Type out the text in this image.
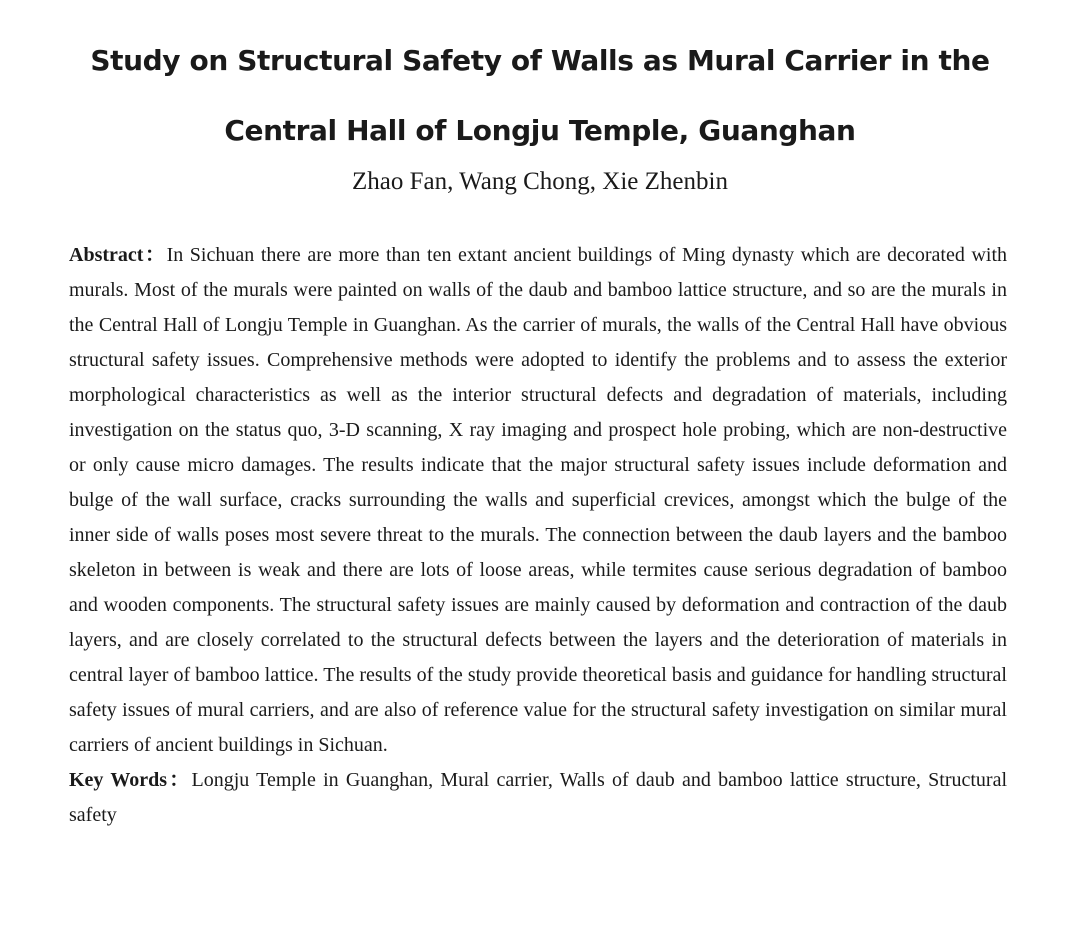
Study on Structural Safety of Walls as Mural Carrier in the
Central Hall of Longju Temple, Guanghan
Zhao Fan, Wang Chong, Xie Zhenbin

Abstract：In Sichuan there are more than ten extant ancient buildings of Ming dynasty which are decorated with murals. Most of the murals were painted on walls of the daub and bamboo lattice structure, and so are the murals in the Central Hall of Longju Temple in Guanghan. As the carrier of murals, the walls of the Central Hall have obvious structural safety issues. Comprehensive methods were adopted to identify the problems and to assess the exterior morphological characteristics as well as the interior structural defects and degradation of materials, including investigation on the status quo, 3-D scanning, X ray imaging and prospect hole probing, which are non-destructive or only cause micro damages. The results indicate that the major structural safety issues include deformation and bulge of the wall surface, cracks surrounding the walls and superficial crevices, amongst which the bulge of the inner side of walls poses most severe threat to the murals. The connection between the daub layers and the bamboo skeleton in between is weak and there are lots of loose areas, while termites cause serious degradation of bamboo and wooden components. The structural safety issues are mainly caused by deformation and contraction of the daub layers, and are closely correlated to the structural defects between the layers and the deterioration of materials in central layer of bamboo lattice. The results of the study provide theoretical basis and guidance for handling structural safety issues of mural carriers, and are also of reference value for the structural safety investigation on similar mural carriers of ancient buildings in Sichuan.

Key Words：Longju Temple in Guanghan, Mural carrier, Walls of daub and bamboo lattice structure, Structural safety
